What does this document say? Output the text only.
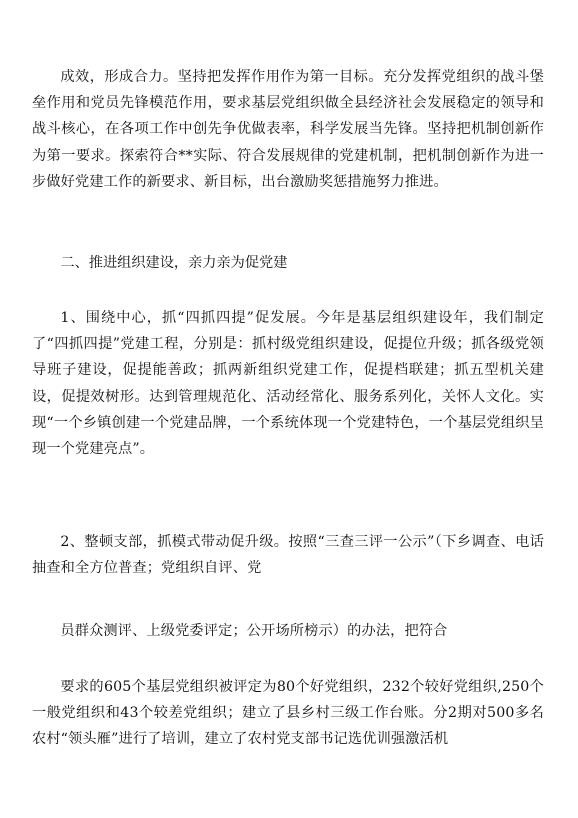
成效，形成合力。坚持把发挥作用作为第一目标。充分发挥党组织的战斗堡垒作用和党员先锋模范作用，要求基层党组织做全县经济社会发展稳定的领导和战斗核心，在各项工作中创先争优做表率，科学发展当先锋。坚持把机制创新作为第一要求。探索符合**实际、符合发展规律的党建机制，把机制创新作为进一步做好党建工作的新要求、新目标，出台激励奖惩措施努力推进。

二、推进组织建设，亲力亲为促党建

1、围绕中心，抓“四抓四提”促发展。今年是基层组织建设年，我们制定了“四抓四提”党建工程，分别是：抓村级党组织建设，促提位升级；抓各级党领导班子建设，促提能善政；抓两新组织党建工作，促提档联建；抓五型机关建设，促提效树形。达到管理规范化、活动经常化、服务系列化，关怀人文化。实现“一个乡镇创建一个党建品牌，一个系统体现一个党建特色，一个基层党组织呈现一个党建亮点”。

2、整顿支部，抓模式带动促升级。按照“三查三评一公示”（下乡调查、电话抽查和全方位普查；党组织自评、党

员群众测评、上级党委评定；公开场所榜示）的办法，把符合

要求的605个基层党组织被评定为80个好党组织，232个较好党组织,250个一般党组织和43个较差党组织；建立了县乡村三级工作台账。分2期对500多名农村“领头雁”进行了培训，建立了农村党支部书记选优训强激活机
